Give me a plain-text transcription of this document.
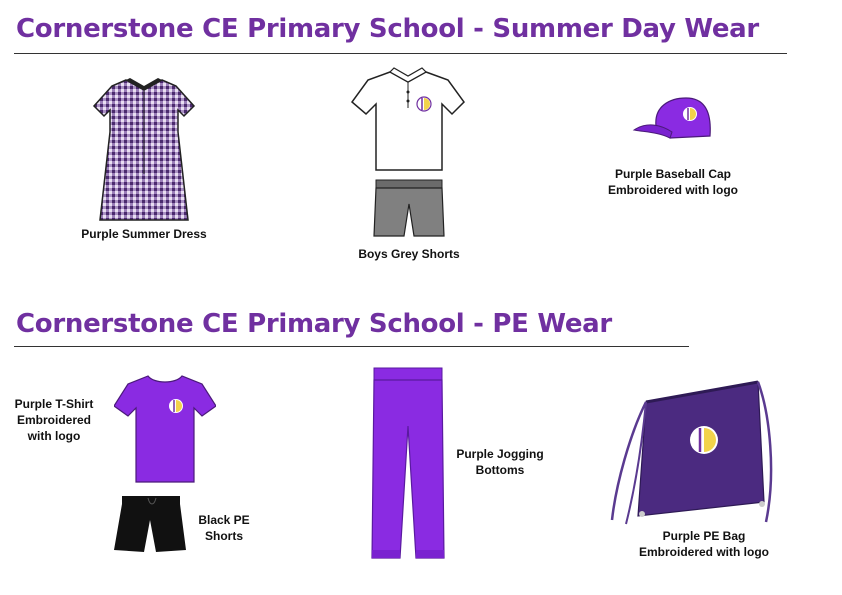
Cornerstone CE Primary School - Summer Day Wear
Purple Summer Dress
Boys Grey Shorts
Purple Baseball Cap
Embroidered with logo
Cornerstone CE Primary School - PE Wear
Purple T-Shirt
Embroidered
with logo
Black PE
Shorts
Purple Jogging
Bottoms
Purple PE Bag
Embroidered with logo
